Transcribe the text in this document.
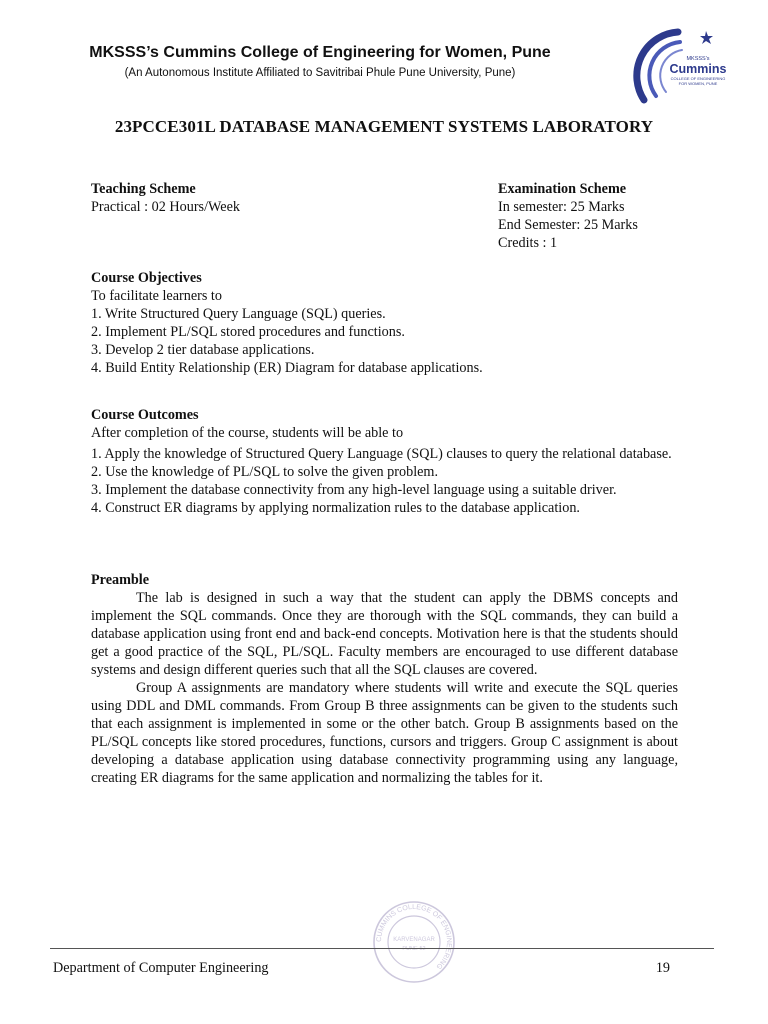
MKSSS’s Cummins College of Engineering for Women, Pune
(An Autonomous Institute Affiliated to Savitribai Phule Pune University, Pune)
MKSSS's
Cummins
COLLEGE OF ENGINEERING
FOR WOMEN, PUNE
23PCCE301L DATABASE MANAGEMENT SYSTEMS LABORATORY
Teaching Scheme
Practical : 02 Hours/Week
Examination Scheme
In semester: 25 Marks
End Semester: 25 Marks
Credits : 1
Course Objectives
To facilitate learners to
1. Write Structured Query Language (SQL) queries.
2. Implement PL/SQL stored procedures and functions.
3. Develop 2 tier database applications.
4. Build Entity Relationship (ER) Diagram for database applications.
Course Outcomes
After completion of the course, students will be able to
1. Apply the knowledge of Structured Query Language (SQL) clauses to query the relational database.
2. Use the knowledge of PL/SQL to solve the given problem.
3. Implement the database connectivity from any high-level language using a suitable driver.
4. Construct ER diagrams by applying normalization rules to the database application.
Preamble

The lab is designed in such a way that the student can apply the DBMS concepts and implement the SQL commands. Once they are thorough with the SQL commands, they can build a database application using front end and back-end concepts. Motivation here is that the students should get a good practice of the SQL, PL/SQL. Faculty members are encouraged to use different database systems and design different queries such that all the SQL clauses are covered.

Group A assignments are mandatory where students will write and execute the SQL queries using DDL and DML commands. From Group B three assignments can be given to the students such that each assignment is implemented in some or the other batch. Group B assignments based on the PL/SQL concepts like stored procedures, functions, cursors and triggers. Group C assignment is about developing a database application using database connectivity programming using any language, creating ER diagrams for the same application and normalizing the tables for it.

CUMMINS COLLEGE OF ENGINEERING
KARVENAGAR
PUNE-52
Department of Computer Engineering	19
